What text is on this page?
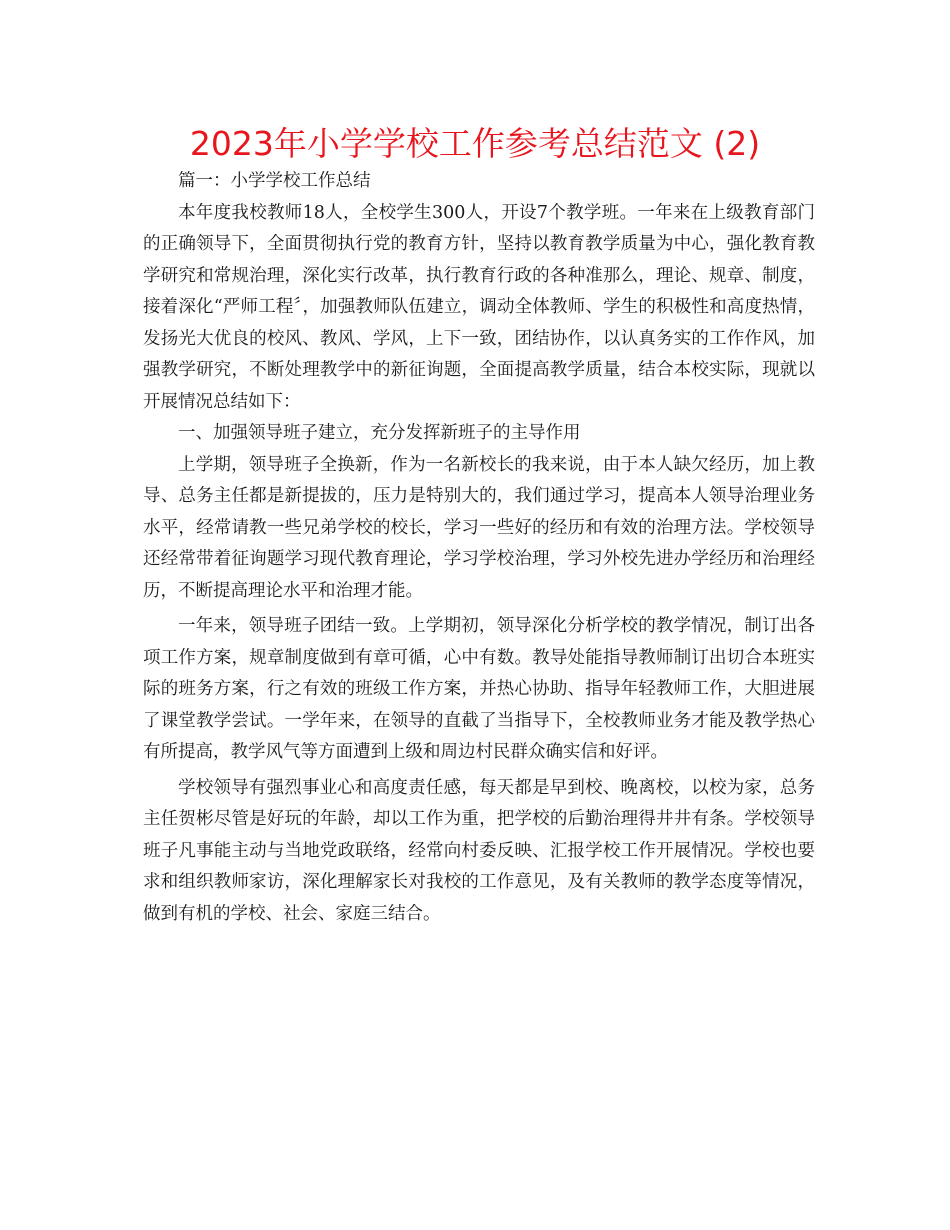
2023年小学学校工作参考总结范文 (2)

篇一：小学学校工作总结

本年度我校教师18人，全校学生300人，开设7个教学班。一年来在上级教育部门的正确领导下，全面贯彻执行党的教育方针，坚持以教育教学质量为中心，强化教育教学研究和常规治理，深化实行改革，执行教育行政的各种准那么，理论、规章、制度，接着深化“严师工程〞，加强教师队伍建立，调动全体教师、学生的积极性和高度热情，发扬光大优良的校风、教风、学风，上下一致，团结协作，以认真务实的工作作风，加强教学研究，不断处理教学中的新征询题，全面提高教学质量，结合本校实际，现就以开展情况总结如下：

一、加强领导班子建立，充分发挥新班子的主导作用

上学期，领导班子全换新，作为一名新校长的我来说，由于本人缺欠经历，加上教导、总务主任都是新提拔的，压力是特别大的，我们通过学习，提高本人领导治理业务水平，经常请教一些兄弟学校的校长，学习一些好的经历和有效的治理方法。学校领导还经常带着征询题学习现代教育理论，学习学校治理，学习外校先进办学经历和治理经历，不断提高理论水平和治理才能。

一年来，领导班子团结一致。上学期初，领导深化分析学校的教学情况，制订出各项工作方案，规章制度做到有章可循，心中有数。教导处能指导教师制订出切合本班实际的班务方案，行之有效的班级工作方案，并热心协助、指导年轻教师工作，大胆进展了课堂教学尝试。一学年来，在领导的直截了当指导下，全校教师业务才能及教学热心有所提高，教学风气等方面遭到上级和周边村民群众确实信和好评。

学校领导有强烈事业心和高度责任感，每天都是早到校、晚离校，以校为家，总务主任贺彬尽管是好玩的年龄，却以工作为重，把学校的后勤治理得井井有条。学校领导班子凡事能主动与当地党政联络，经常向村委反映、汇报学校工作开展情况。学校也要求和组织教师家访，深化理解家长对我校的工作意见，及有关教师的教学态度等情况，做到有机的学校、社会、家庭三结合。
